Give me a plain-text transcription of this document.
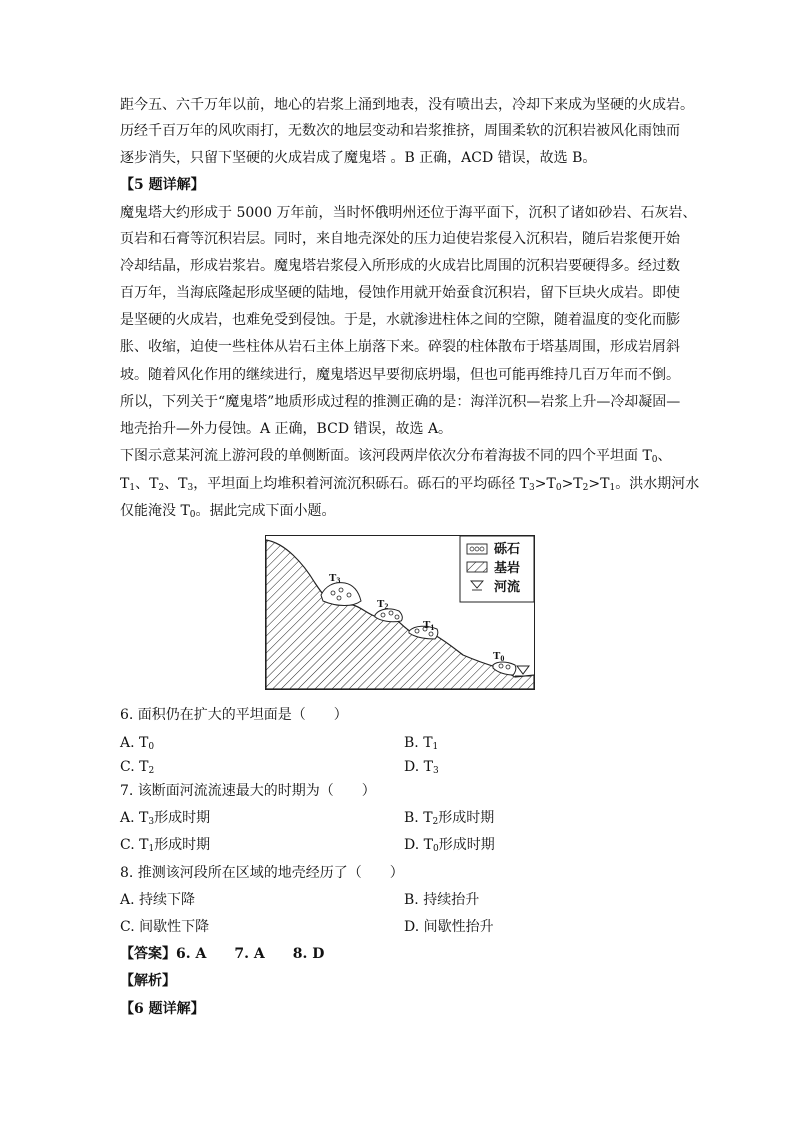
距今五、六千万年以前，地心的岩浆上涌到地表，没有喷出去，冷却下来成为坚硬的火成岩。
历经千百万年的风吹雨打，无数次的地层变动和岩浆推挤，周围柔软的沉积岩被风化雨蚀而
逐步消失，只留下坚硬的火成岩成了魔鬼塔 。B 正确，ACD 错误，故选 B。
【5 题详解】
魔鬼塔大约形成于 5000 万年前，当时怀俄明州还位于海平面下，沉积了诸如砂岩、石灰岩、
页岩和石膏等沉积岩层。同时，来自地壳深处的压力迫使岩浆侵入沉积岩，随后岩浆便开始
冷却结晶，形成岩浆岩。魔鬼塔岩浆侵入所形成的火成岩比周围的沉积岩要硬得多。经过数
百万年，当海底隆起形成坚硬的陆地，侵蚀作用就开始蚕食沉积岩，留下巨块火成岩。即使
是坚硬的火成岩，也难免受到侵蚀。于是，水就渗进柱体之间的空隙，随着温度的变化而膨
胀、收缩，迫使一些柱体从岩石主体上崩落下来。碎裂的柱体散布于塔基周围，形成岩屑斜
坡。随着风化作用的继续进行，魔鬼塔迟早要彻底坍塌，但也可能再维持几百万年而不倒。
所以，下列关于“魔鬼塔”地质形成过程的推测正确的是：海洋沉积—岩浆上升—冷却凝固—
地壳抬升—外力侵蚀。A 正确，BCD 错误，故选 A。
下图示意某河流上游河段的单侧断面。该河段两岸依次分布着海拔不同的四个平坦面 $T_0$、
$T_1$、$T_2$、$T_3$，平坦面上均堆积着河流沉积砾石。砾石的平均砾径 $T_3>T_0>T_2>T_1$。洪水期河水
仅能淹没 $T_0$。据此完成下面小题。
T3
T2
T1
T0
砾石
基岩
河流
6. 面积仍在扩大的平坦面是（　　）
A. $T_0$	B. $T_1$
C. $T_2$	D. $T_3$
7. 该断面河流流速最大的时期为（　　）
A. $T_3$形成时期	B. $T_2$形成时期
C. $T_1$形成时期	D. $T_0$形成时期
8. 推测该河段所在区域的地壳经历了（　　）
A. 持续下降	B. 持续抬升
C. 间歇性下降	D. 间歇性抬升
【答案】6. A　　7. A　　8. D
【解析】
【6 题详解】
